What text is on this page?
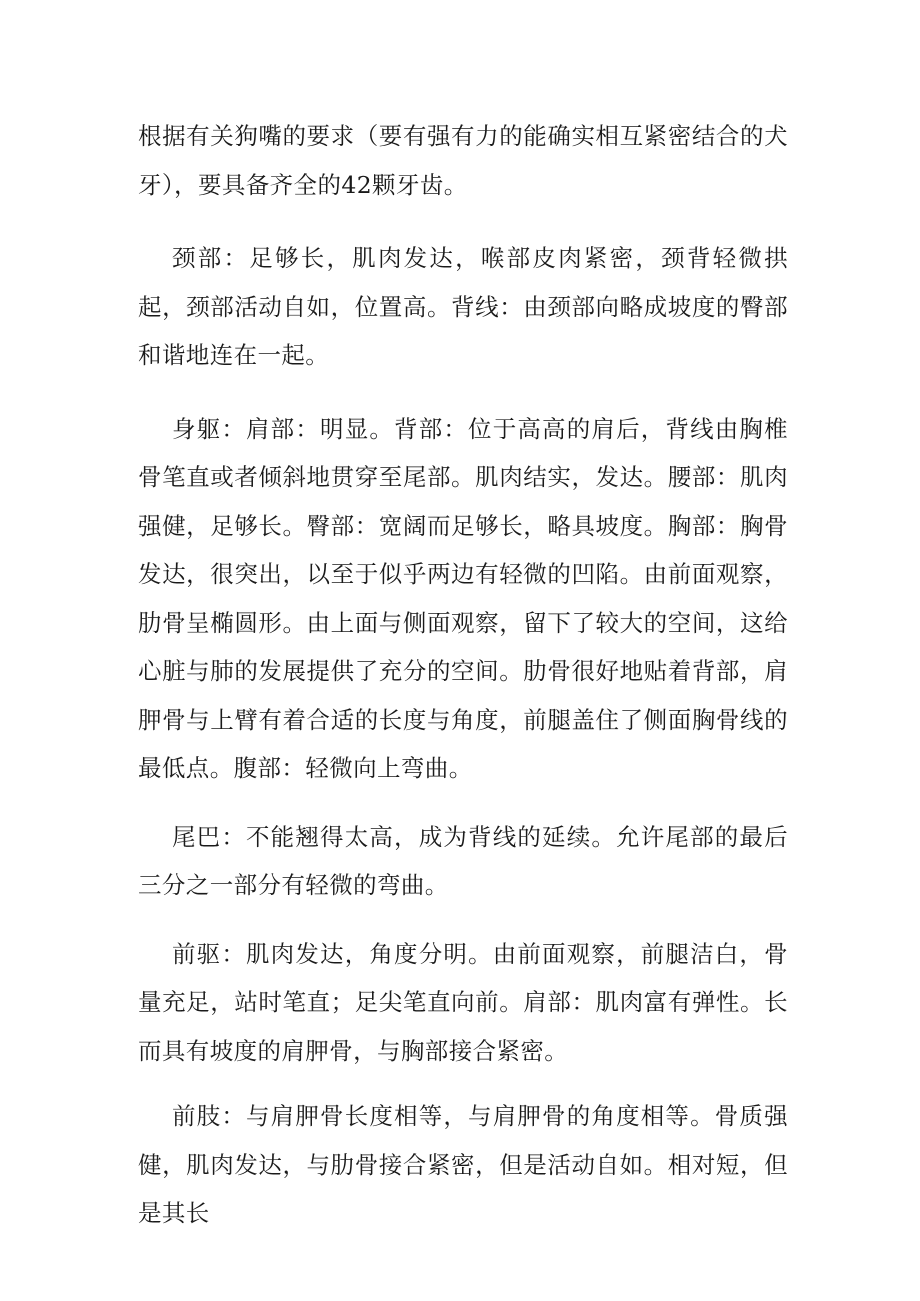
根据有关狗嘴的要求（要有强有力的能确实相互紧密结合的犬牙），要具备齐全的42颗牙齿。

颈部：足够长，肌肉发达，喉部皮肉紧密，颈背轻微拱起，颈部活动自如，位置高。背线：由颈部向略成坡度的臀部和谐地连在一起。

身躯：肩部：明显。背部：位于高高的肩后，背线由胸椎骨笔直或者倾斜地贯穿至尾部。肌肉结实，发达。腰部：肌肉强健，足够长。臀部：宽阔而足够长，略具坡度。胸部：胸骨发达，很突出，以至于似乎两边有轻微的凹陷。由前面观察，肋骨呈椭圆形。由上面与侧面观察，留下了较大的空间，这给心脏与肺的发展提供了充分的空间。肋骨很好地贴着背部，肩胛骨与上臂有着合适的长度与角度，前腿盖住了侧面胸骨线的最低点。腹部：轻微向上弯曲。

尾巴：不能翘得太高，成为背线的延续。允许尾部的最后三分之一部分有轻微的弯曲。

前驱：肌肉发达，角度分明。由前面观察，前腿洁白，骨量充足，站时笔直；足尖笔直向前。肩部：肌肉富有弹性。长而具有坡度的肩胛骨，与胸部接合紧密。

前肢：与肩胛骨长度相等，与肩胛骨的角度相等。骨质强健，肌肉发达，与肋骨接合紧密，但是活动自如。相对短，但是其长
